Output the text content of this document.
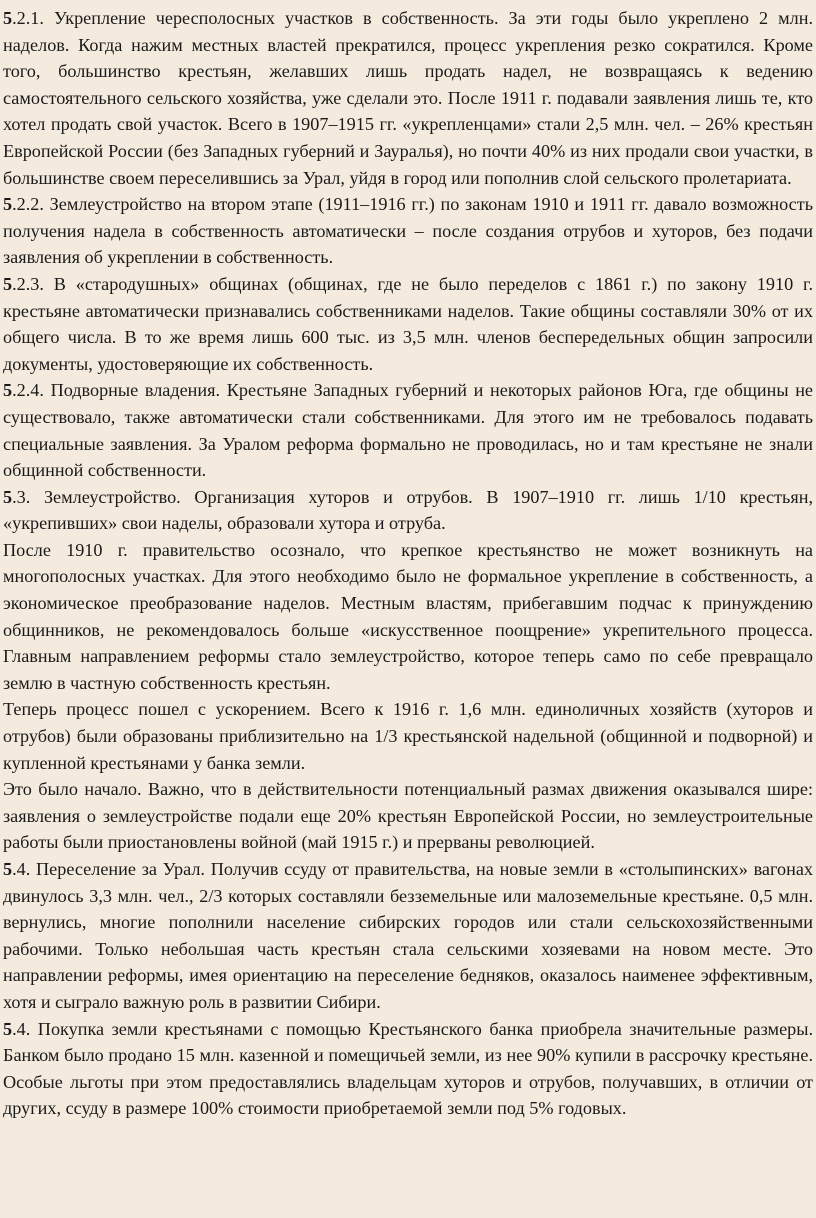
5.2.1. Укрепление чересполосных участков в собственность. За эти годы было укреплено 2 млн. наделов. Когда нажим местных властей прекратился, процесс укрепления резко сократился. Кроме того, большинство крестьян, желавших лишь продать надел, не возвращаясь к ведению самостоятельного сельского хозяйства, уже сделали это. После 1911 г. подавали заявления лишь те, кто хотел продать свой участок. Всего в 1907–1915 гг. «укрепленцами» стали 2,5 млн. чел. – 26% крестьян Европейской России (без Западных губерний и Зауралья), но почти 40% из них продали свои участки, в большинстве своем переселившись за Урал, уйдя в город или пополнив слой сельского пролетариата.

5.2.2. Землеустройство на втором этапе (1911–1916 гг.) по законам 1910 и 1911 гг. давало возможность получения надела в собственность автоматически – после создания отрубов и хуторов, без подачи заявления об укреплении в собственность.

5.2.3. В «стародушных» общинах (общинах, где не было переделов с 1861 г.) по закону 1910 г. крестьяне автоматически признавались собственниками наделов. Такие общины составляли 30% от их общего числа. В то же время лишь 600 тыс. из 3,5 млн. членов беспередельных общин запросили документы, удостоверяющие их собственность.

5.2.4. Подворные владения. Крестьяне Западных губерний и некоторых районов Юга, где общины не существовало, также автоматически стали собственниками. Для этого им не требовалось подавать специальные заявления. За Уралом реформа формально не проводилась, но и там крестьяне не знали общинной собственности.

5.3. Землеустройство. Организация хуторов и отрубов. В 1907–1910 гг. лишь 1/10 крестьян, «укрепивших» свои наделы, образовали хутора и отруба.

После 1910 г. правительство осознало, что крепкое крестьянство не может возникнуть на многополосных участках. Для этого необходимо было не формальное укрепление в собственность, а экономическое преобразование наделов. Местным властям, прибегавшим подчас к принуждению общинников, не рекомендовалось больше «искусственное поощрение» укрепительного процесса. Главным направлением реформы стало землеустройство, которое теперь само по себе превращало землю в частную собственность крестьян.

Теперь процесс пошел с ускорением. Всего к 1916 г. 1,6 млн. единоличных хозяйств (хуторов и отрубов) были образованы приблизительно на 1/3 крестьянской надельной (общинной и подворной) и купленной крестьянами у банка земли.

Это было начало. Важно, что в действительности потенциальный размах движения оказывался шире: заявления о землеустройстве подали еще 20% крестьян Европейской России, но землеустроительные работы были приостановлены войной (май 1915 г.) и прерваны революцией.

5.4. Переселение за Урал. Получив ссуду от правительства, на новые земли в «столыпинских» вагонах двинулось 3,3 млн. чел., 2/3 которых составляли безземельные или малоземельные крестьяне. 0,5 млн. вернулись, многие пополнили население сибирских городов или стали сельскохозяйственными рабочими. Только небольшая часть крестьян стала сельскими хозяевами на новом месте. Это направлении реформы, имея ориентацию на переселение бедняков, оказалось наименее эффективным, хотя и сыграло важную роль в развитии Сибири.

5.4. Покупка земли крестьянами с помощью Крестьянского банка приобрела значительные размеры. Банком было продано 15 млн. казенной и помещичьей земли, из нее 90% купили в рассрочку крестьяне. Особые льготы при этом предоставлялись владельцам хуторов и отрубов, получавших, в отличии от других, ссуду в размере 100% стоимости приобретаемой земли под 5% годовых.
